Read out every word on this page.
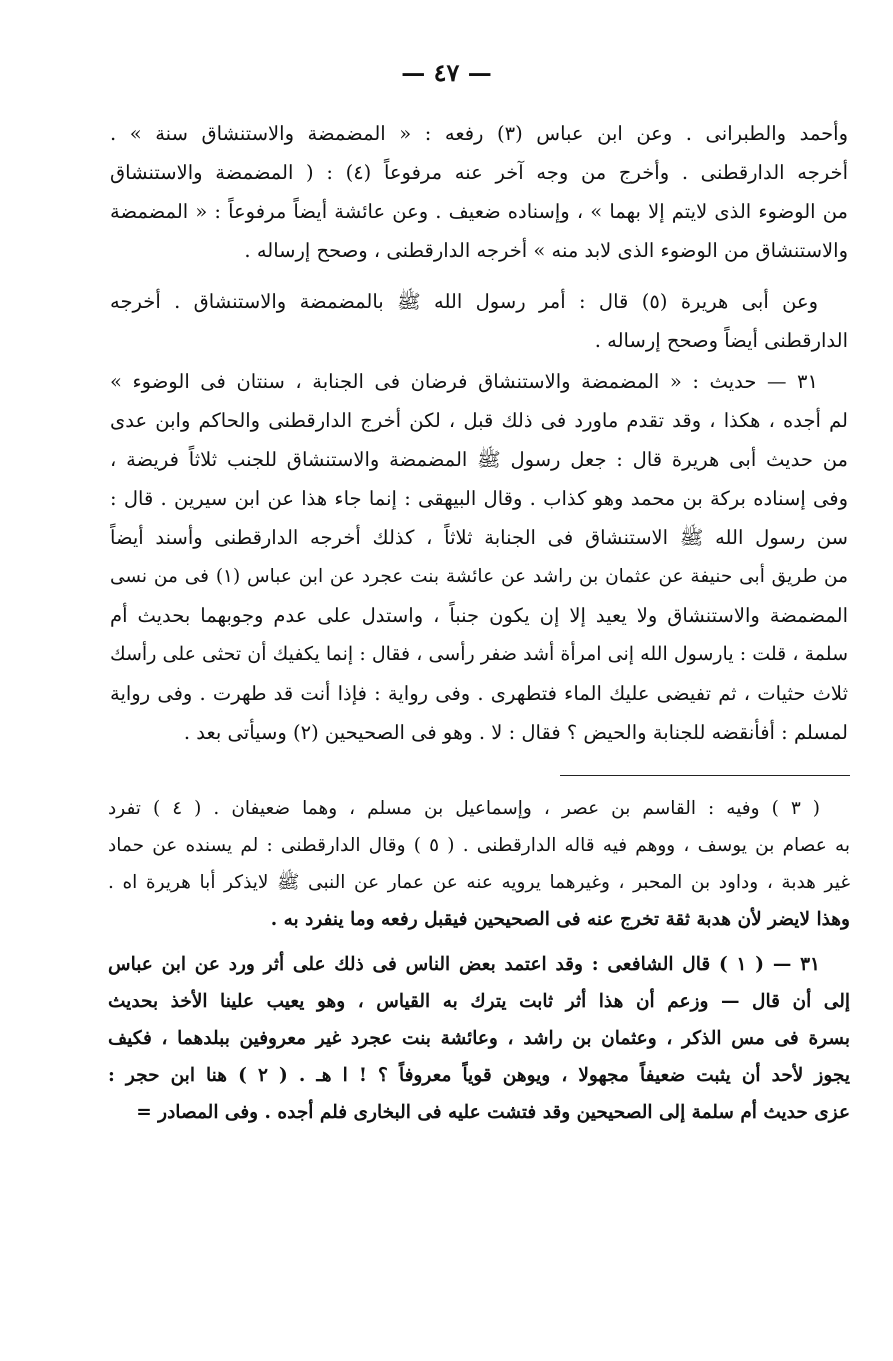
— ٤٧ —
وأحمد والطبرانى . وعن ابن عباس (٣) رفعه : « المضمضة والاستنشاق سنة » .
أخرجه الدارقطنى . وأخرج من وجه آخر عنه مرفوعاً (٤) : ( المضمضة والاستنشاق
من الوضوء الذى لايتم إلا بهما » ، وإسناده ضعيف . وعن عائشة أيضاً مرفوعاً : « المضمضة
والاستنشاق من الوضوء الذى لابد منه » أخرجه الدارقطنى ، وصحح إرساله .
وعن أبى هريرة (٥) قال : أمر رسول الله ﷺ بالمضمضة والاستنشاق . أخرجه
الدارقطنى أيضاً وصحح إرساله .
٣١ — حديث : « المضمضة والاستنشاق فرضان فى الجنابة ، سنتان فى الوضوء »
لم أجده ، هكذا ، وقد تقدم ماورد فى ذلك قبل ، لكن أخرج الدارقطنى والحاكم وابن عدى
من حديث أبى هريرة قال : جعل رسول ﷺ المضمضة والاستنشاق للجنب ثلاثاً فريضة ،
وفى إسناده بركة بن محمد وهو كذاب . وقال البيهقى : إنما جاء هذا عن ابن سيرين . قال :
سن رسول الله ﷺ الاستنشاق فى الجنابة ثلاثاً ، كذلك أخرجه الدارقطنى وأسند أيضاً
من طريق أبى حنيفة عن عثمان بن راشد عن عائشة بنت عجرد عن ابن عباس (١) فى من نسى
المضمضة والاستنشاق ولا يعيد إلا إن يكون جنباً ، واستدل على عدم وجوبهما بحديث أم
سلمة ، قلت : يارسول الله إنى امرأة أشد ضفر رأسى ، فقال : إنما يكفيك أن تحثى على رأسك
ثلاث حثيات ، ثم تفيضى عليك الماء فتطهرى . وفى رواية : فإذا أنت قد طهرت . وفى رواية
لمسلم : أفأنقضه للجنابة والحيض ؟ فقال : لا . وهو فى الصحيحين (٢) وسيأتى بعد .
( ٣ ) وفيه : القاسم بن عصر ، وإسماعيل بن مسلم ، وهما ضعيفان . ( ٤ ) تفرد
به عصام بن يوسف ، ووهم فيه قاله الدارقطنى . ( ٥ ) وقال الدارقطنى : لم يسنده عن حماد
غير هدبة ، وداود بن المحبر ، وغيرهما يرويه عنه عن عمار عن النبى ﷺ لايذكر أبا هريرة اه .
وهذا لايضر لأن هدبة ثقة تخرج عنه فى الصحيحين فيقبل رفعه وما ينفرد به .
٣١ — ( ١ ) قال الشافعى : وقد اعتمد بعض الناس فى ذلك على أثر ورد عن ابن عباس
إلى أن قال — وزعم أن هذا أثر ثابت يترك به القياس ، وهو يعيب علينا الأخذ بحديث
بسرة فى مس الذكر ، وعثمان بن راشد ، وعائشة بنت عجرد غير معروفين ببلدهما ، فكيف
يجوز لأحد أن يثبت ضعيفاً مجهولا ، ويوهن قوياً معروفاً ؟ ! ا هـ . ( ٢ ) هنا ابن حجر :
عزى حديث أم سلمة إلى الصحيحين وقد فتشت عليه فى البخارى فلم أجده . وفى المصادر =
